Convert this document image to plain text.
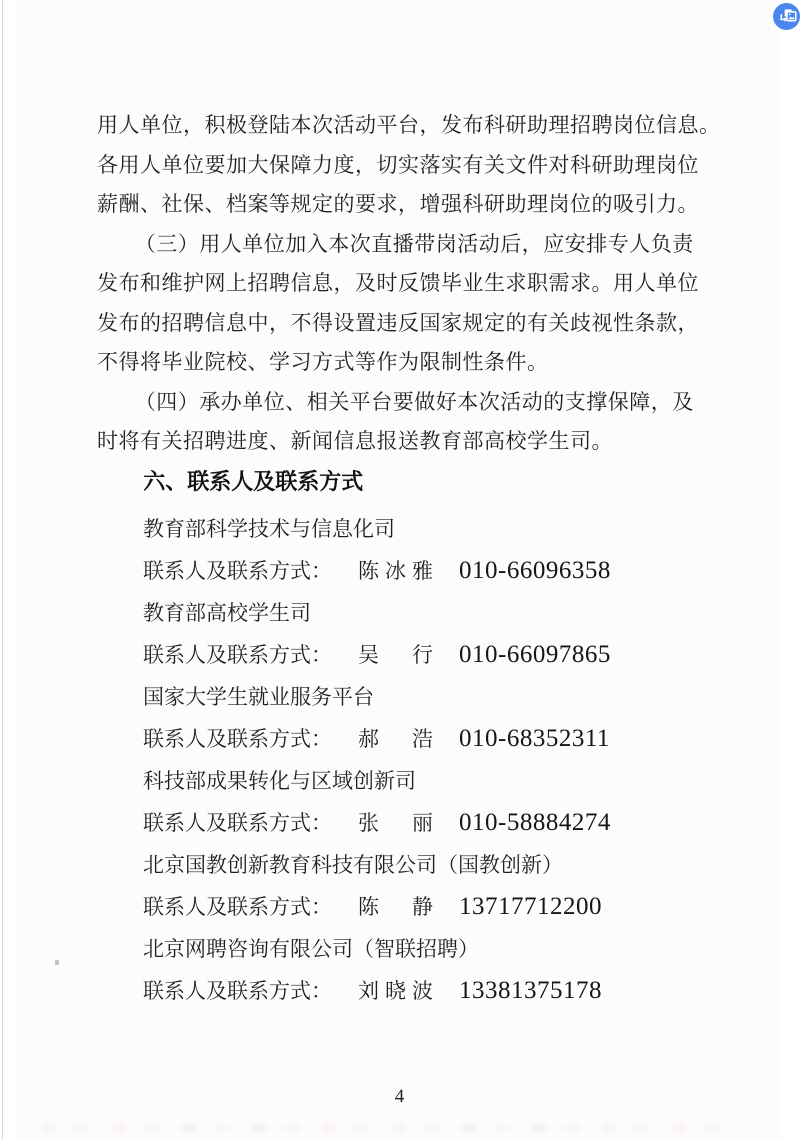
用人单位，积极登陆本次活动平台，发布科研助理招聘岗位信息。
各用人单位要加大保障力度，切实落实有关文件对科研助理岗位
薪酬、社保、档案等规定的要求，增强科研助理岗位的吸引力。
（三）用人单位加入本次直播带岗活动后，应安排专人负责
发布和维护网上招聘信息，及时反馈毕业生求职需求。用人单位
发布的招聘信息中，不得设置违反国家规定的有关歧视性条款，
不得将毕业院校、学习方式等作为限制性条件。
（四）承办单位、相关平台要做好本次活动的支撑保障，及
时将有关招聘进度、新闻信息报送教育部高校学生司。
六、联系人及联系方式
教育部科学技术与信息化司
联系人及联系方式： 陈冰雅 010-66096358
教育部高校学生司
联系人及联系方式： 吴　行 010-66097865
国家大学生就业服务平台
联系人及联系方式： 郝　浩 010-68352311
科技部成果转化与区域创新司
联系人及联系方式： 张　丽 010-58884274
北京国教创新教育科技有限公司（国教创新）
联系人及联系方式： 陈　静 13717712200
北京网聘咨询有限公司（智联招聘）
联系人及联系方式： 刘晓波 13381375178
4
